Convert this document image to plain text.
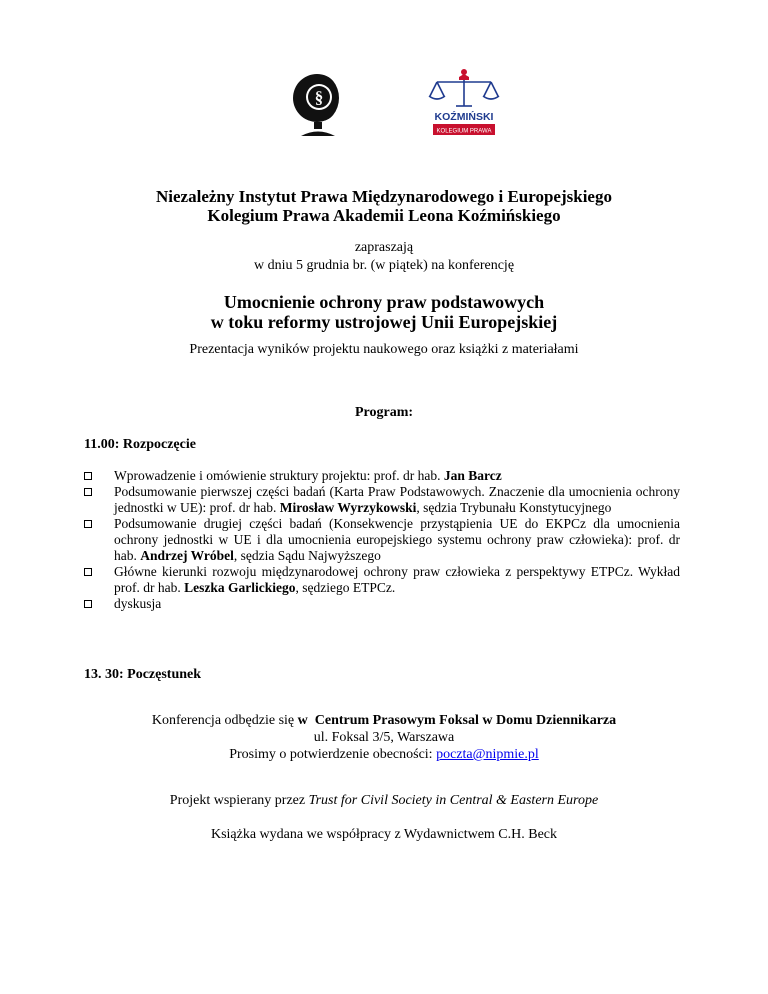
§
KOŹMIŃSKI
KOLEGIUM PRAWA
Niezależny Instytut Prawa Międzynarodowego i Europejskiego
Kolegium Prawa Akademii Leona Koźmińskiego
zapraszają
w dniu 5 grudnia br. (w piątek) na konferencję
Umocnienie ochrony praw podstawowych
w toku reformy ustrojowej Unii Europejskiej
Prezentacja wyników projektu naukowego oraz książki z materiałami
Program:
11.00: Rozpoczęcie
Wprowadzenie i omówienie struktury projektu: prof. dr hab. Jan Barcz
Podsumowanie pierwszej części badań (Karta Praw Podstawowych. Znaczenie dla umocnienia ochrony jednostki w UE): prof. dr hab. Mirosław Wyrzykowski, sędzia Trybunału Konstytucyjnego
Podsumowanie drugiej części badań (Konsekwencje przystąpienia UE do EKPCz dla umocnienia ochrony jednostki w UE i dla umocnienia europejskiego systemu ochrony praw człowieka): prof. dr hab. Andrzej Wróbel, sędzia Sądu Najwyższego
Główne kierunki rozwoju międzynarodowej ochrony praw człowieka z perspektywy ETPCz. Wykład prof. dr hab. Leszka Garlickiego, sędziego ETPCz.
dyskusja
13. 30: Poczęstunek
Konferencja odbędzie się w Centrum Prasowym Foksal w Domu Dziennikarza
ul. Foksal 3/5, Warszawa
Prosimy o potwierdzenie obecności: poczta@nipmie.pl
Projekt wspierany przez Trust for Civil Society in Central & Eastern Europe
Książka wydana we współpracy z Wydawnictwem C.H. Beck
